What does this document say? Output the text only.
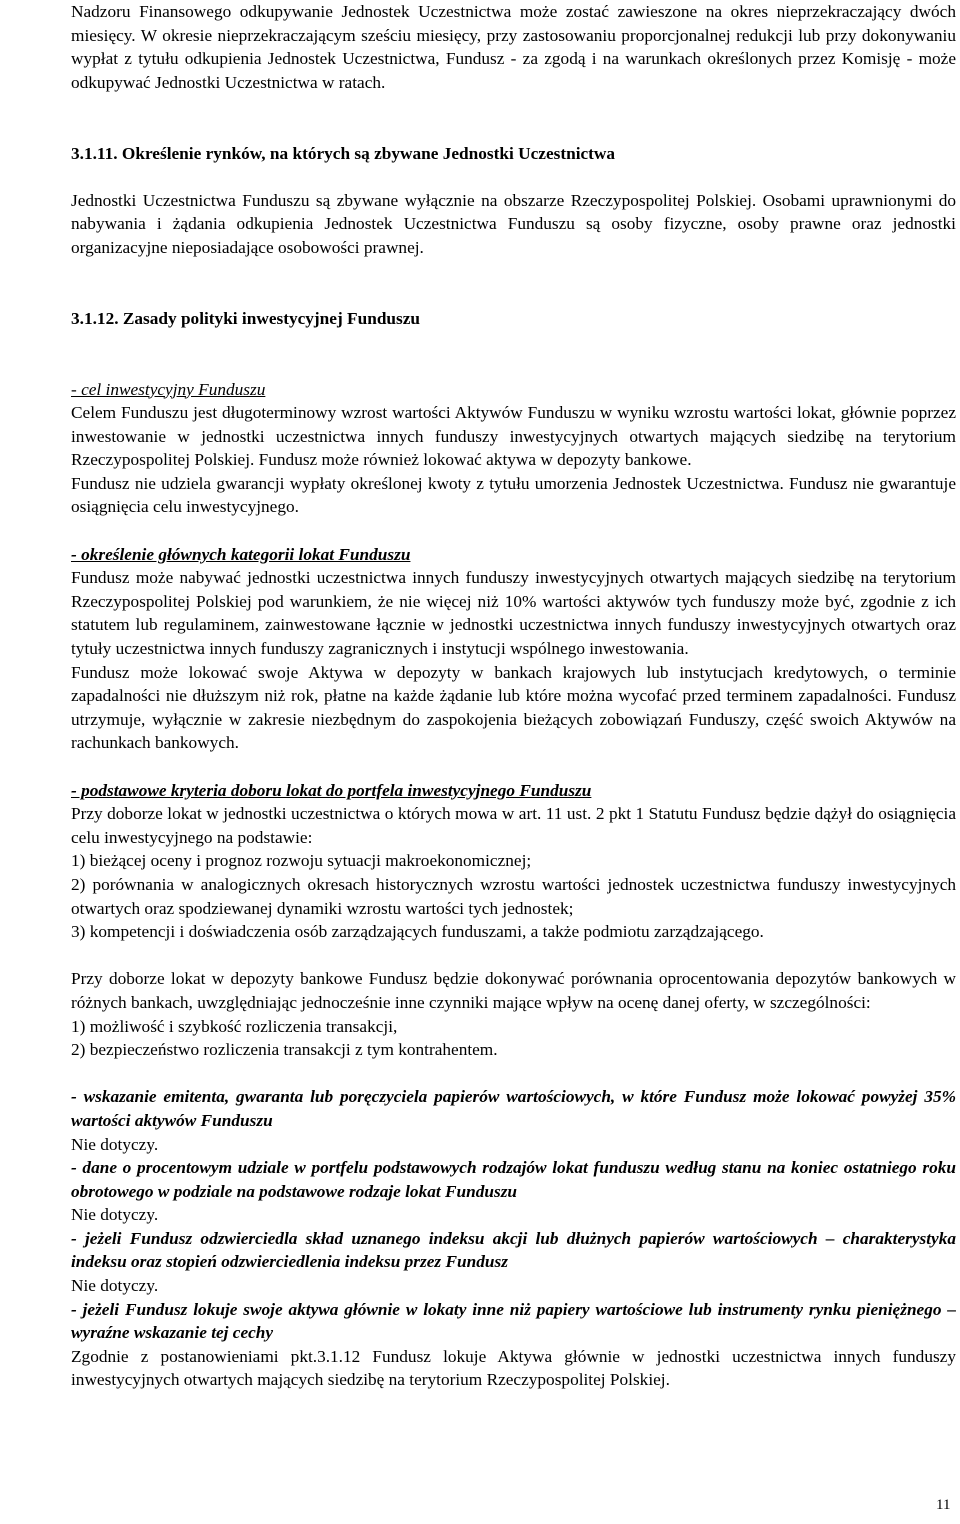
Nadzoru Finansowego odkupywanie Jednostek Uczestnictwa może zostać zawieszone na okres nieprzekraczający dwóch miesięcy. W okresie nieprzekraczającym sześciu miesięcy, przy zastosowaniu proporcjonalnej redukcji lub przy dokonywaniu wypłat z tytułu odkupienia Jednostek Uczestnictwa, Fundusz - za zgodą i na warunkach określonych przez Komisję - może odkupywać Jednostki Uczestnictwa w ratach.

3.1.11. Określenie rynków, na których są zbywane Jednostki Uczestnictwa

Jednostki Uczestnictwa Funduszu są zbywane wyłącznie na obszarze Rzeczypospolitej Polskiej. Osobami uprawnionymi do nabywania i żądania odkupienia Jednostek Uczestnictwa Funduszu są osoby fizyczne, osoby prawne oraz jednostki organizacyjne nieposiadające osobowości prawnej.

3.1.12. Zasady polityki inwestycyjnej Funduszu

- cel inwestycyjny Funduszu

Celem Funduszu jest długoterminowy wzrost wartości Aktywów Funduszu w wyniku wzrostu wartości lokat, głównie poprzez inwestowanie w jednostki uczestnictwa innych funduszy inwestycyjnych otwartych mających siedzibę na terytorium Rzeczypospolitej Polskiej. Fundusz może również lokować aktywa w depozyty bankowe.

Fundusz nie udziela gwarancji wypłaty określonej kwoty z tytułu umorzenia Jednostek Uczestnictwa. Fundusz nie gwarantuje osiągnięcia celu inwestycyjnego.

- określenie głównych kategorii lokat Funduszu

Fundusz może nabywać jednostki uczestnictwa innych funduszy inwestycyjnych otwartych mających siedzibę na terytorium Rzeczypospolitej Polskiej pod warunkiem, że nie więcej niż 10% wartości aktywów tych funduszy może być, zgodnie z ich statutem lub regulaminem, zainwestowane łącznie w jednostki uczestnictwa innych funduszy inwestycyjnych otwartych oraz tytuły uczestnictwa innych funduszy zagranicznych i instytucji wspólnego inwestowania.

Fundusz może lokować swoje Aktywa w depozyty w bankach krajowych lub instytucjach kredytowych, o terminie zapadalności nie dłuższym niż rok, płatne na każde żądanie lub które można wycofać przed terminem zapadalności. Fundusz utrzymuje, wyłącznie w zakresie niezbędnym do zaspokojenia bieżących zobowiązań Funduszy, część swoich Aktywów na rachunkach bankowych.

- podstawowe kryteria doboru lokat do portfela inwestycyjnego Funduszu

Przy doborze lokat w jednostki uczestnictwa o których mowa w art. 11 ust. 2 pkt 1 Statutu Fundusz będzie dążył do osiągnięcia celu inwestycyjnego na podstawie:

1) bieżącej oceny i prognoz rozwoju sytuacji makroekonomicznej;

2) porównania w analogicznych okresach historycznych wzrostu wartości jednostek uczestnictwa funduszy inwestycyjnych otwartych oraz spodziewanej dynamiki wzrostu wartości tych jednostek;

3) kompetencji i doświadczenia osób zarządzających funduszami, a także podmiotu zarządzającego.

Przy doborze lokat w depozyty bankowe Fundusz będzie dokonywać porównania oprocentowania depozytów bankowych w różnych bankach, uwzględniając jednocześnie inne czynniki mające wpływ na ocenę danej oferty, w szczególności:

1) możliwość i szybkość rozliczenia transakcji,

2) bezpieczeństwo rozliczenia transakcji z tym kontrahentem.

- wskazanie emitenta, gwaranta lub poręczyciela papierów wartościowych, w które Fundusz może lokować powyżej 35% wartości aktywów Funduszu

Nie dotyczy.

- dane o procentowym udziale w portfelu podstawowych rodzajów lokat funduszu według stanu na koniec ostatniego roku obrotowego w podziale na podstawowe rodzaje lokat Funduszu

Nie dotyczy.

- jeżeli Fundusz odzwierciedla skład uznanego indeksu akcji lub dłużnych papierów wartościowych – charakterystyka indeksu oraz stopień odzwierciedlenia indeksu przez Fundusz

Nie dotyczy.

- jeżeli Fundusz lokuje swoje aktywa głównie w lokaty inne niż papiery wartościowe lub instrumenty rynku pieniężnego – wyraźne wskazanie tej cechy

Zgodnie z postanowieniami pkt.3.1.12 Fundusz lokuje Aktywa głównie w jednostki uczestnictwa innych funduszy inwestycyjnych otwartych mających siedzibę na terytorium Rzeczypospolitej Polskiej.

11
